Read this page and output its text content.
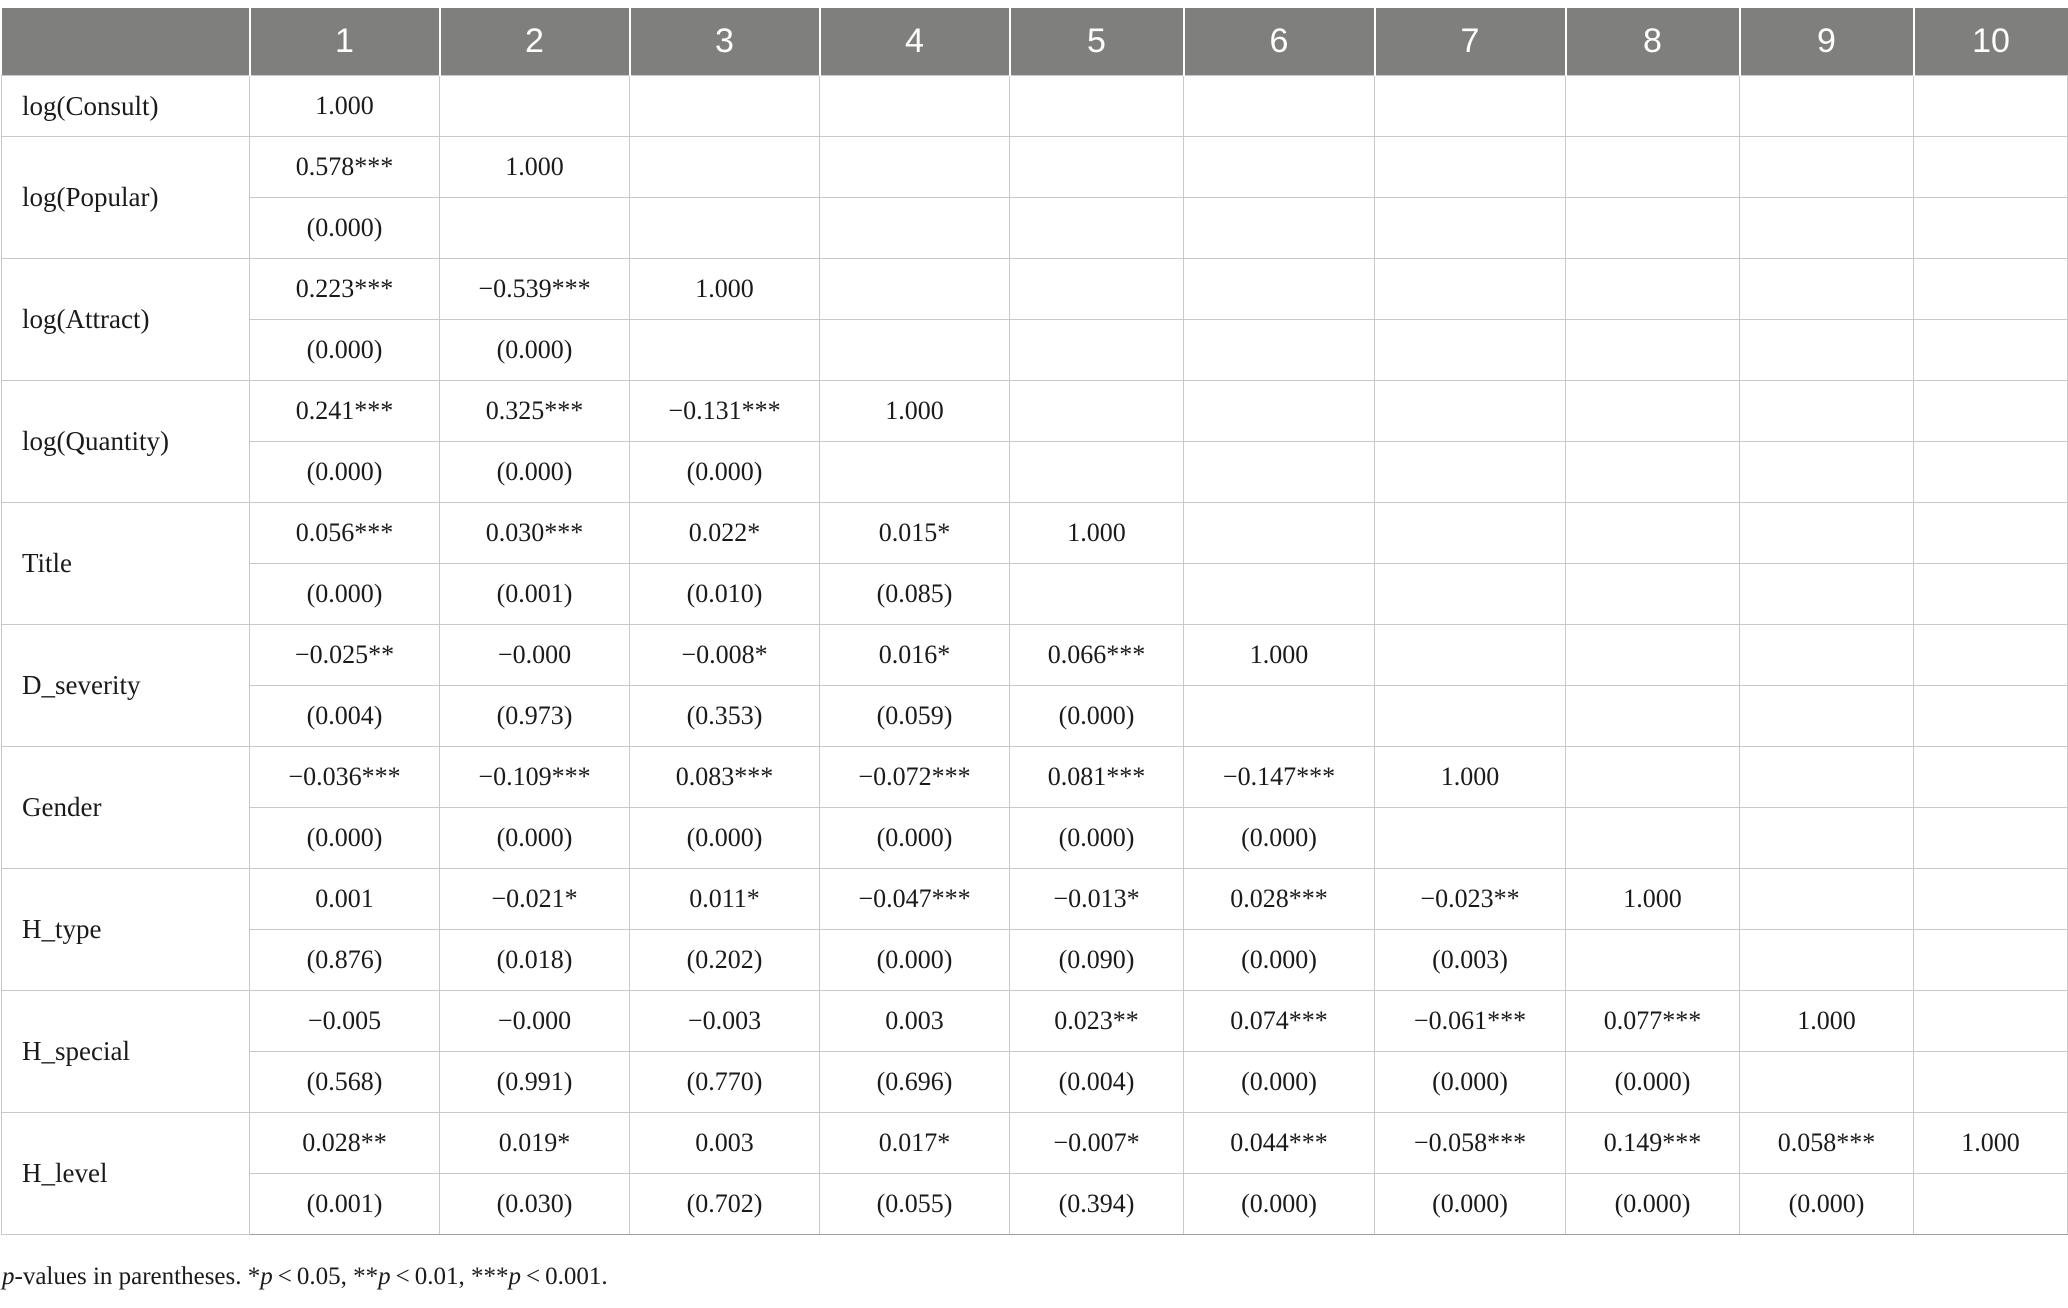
	1	2	3	4	5	6	7	8	9	10
log(Consult)	1.000									
log(Popular)	0.578***	1.000								
	(0.000)									
log(Attract)	0.223***	−0.539***	1.000							
	(0.000)	(0.000)								
log(Quantity)	0.241***	0.325***	−0.131***	1.000						
	(0.000)	(0.000)	(0.000)							
Title	0.056***	0.030***	0.022*	0.015*	1.000					
	(0.000)	(0.001)	(0.010)	(0.085)						
D_severity	−0.025**	−0.000	−0.008*	0.016*	0.066***	1.000				
	(0.004)	(0.973)	(0.353)	(0.059)	(0.000)					
Gender	−0.036***	−0.109***	0.083***	−0.072***	0.081***	−0.147***	1.000			
	(0.000)	(0.000)	(0.000)	(0.000)	(0.000)	(0.000)				
H_type	0.001	−0.021*	0.011*	−0.047***	−0.013*	0.028***	−0.023**	1.000		
	(0.876)	(0.018)	(0.202)	(0.000)	(0.090)	(0.000)	(0.003)			
H_special	−0.005	−0.000	−0.003	0.003	0.023**	0.074***	−0.061***	0.077***	1.000	
	(0.568)	(0.991)	(0.770)	(0.696)	(0.004)	(0.000)	(0.000)	(0.000)		
H_level	0.028**	0.019*	0.003	0.017*	−0.007*	0.044***	−0.058***	0.149***	0.058***	1.000
	(0.001)	(0.030)	(0.702)	(0.055)	(0.394)	(0.000)	(0.000)	(0.000)	(0.000)	
p-values in parentheses. *p < 0.05, **p < 0.01, ***p < 0.001.
